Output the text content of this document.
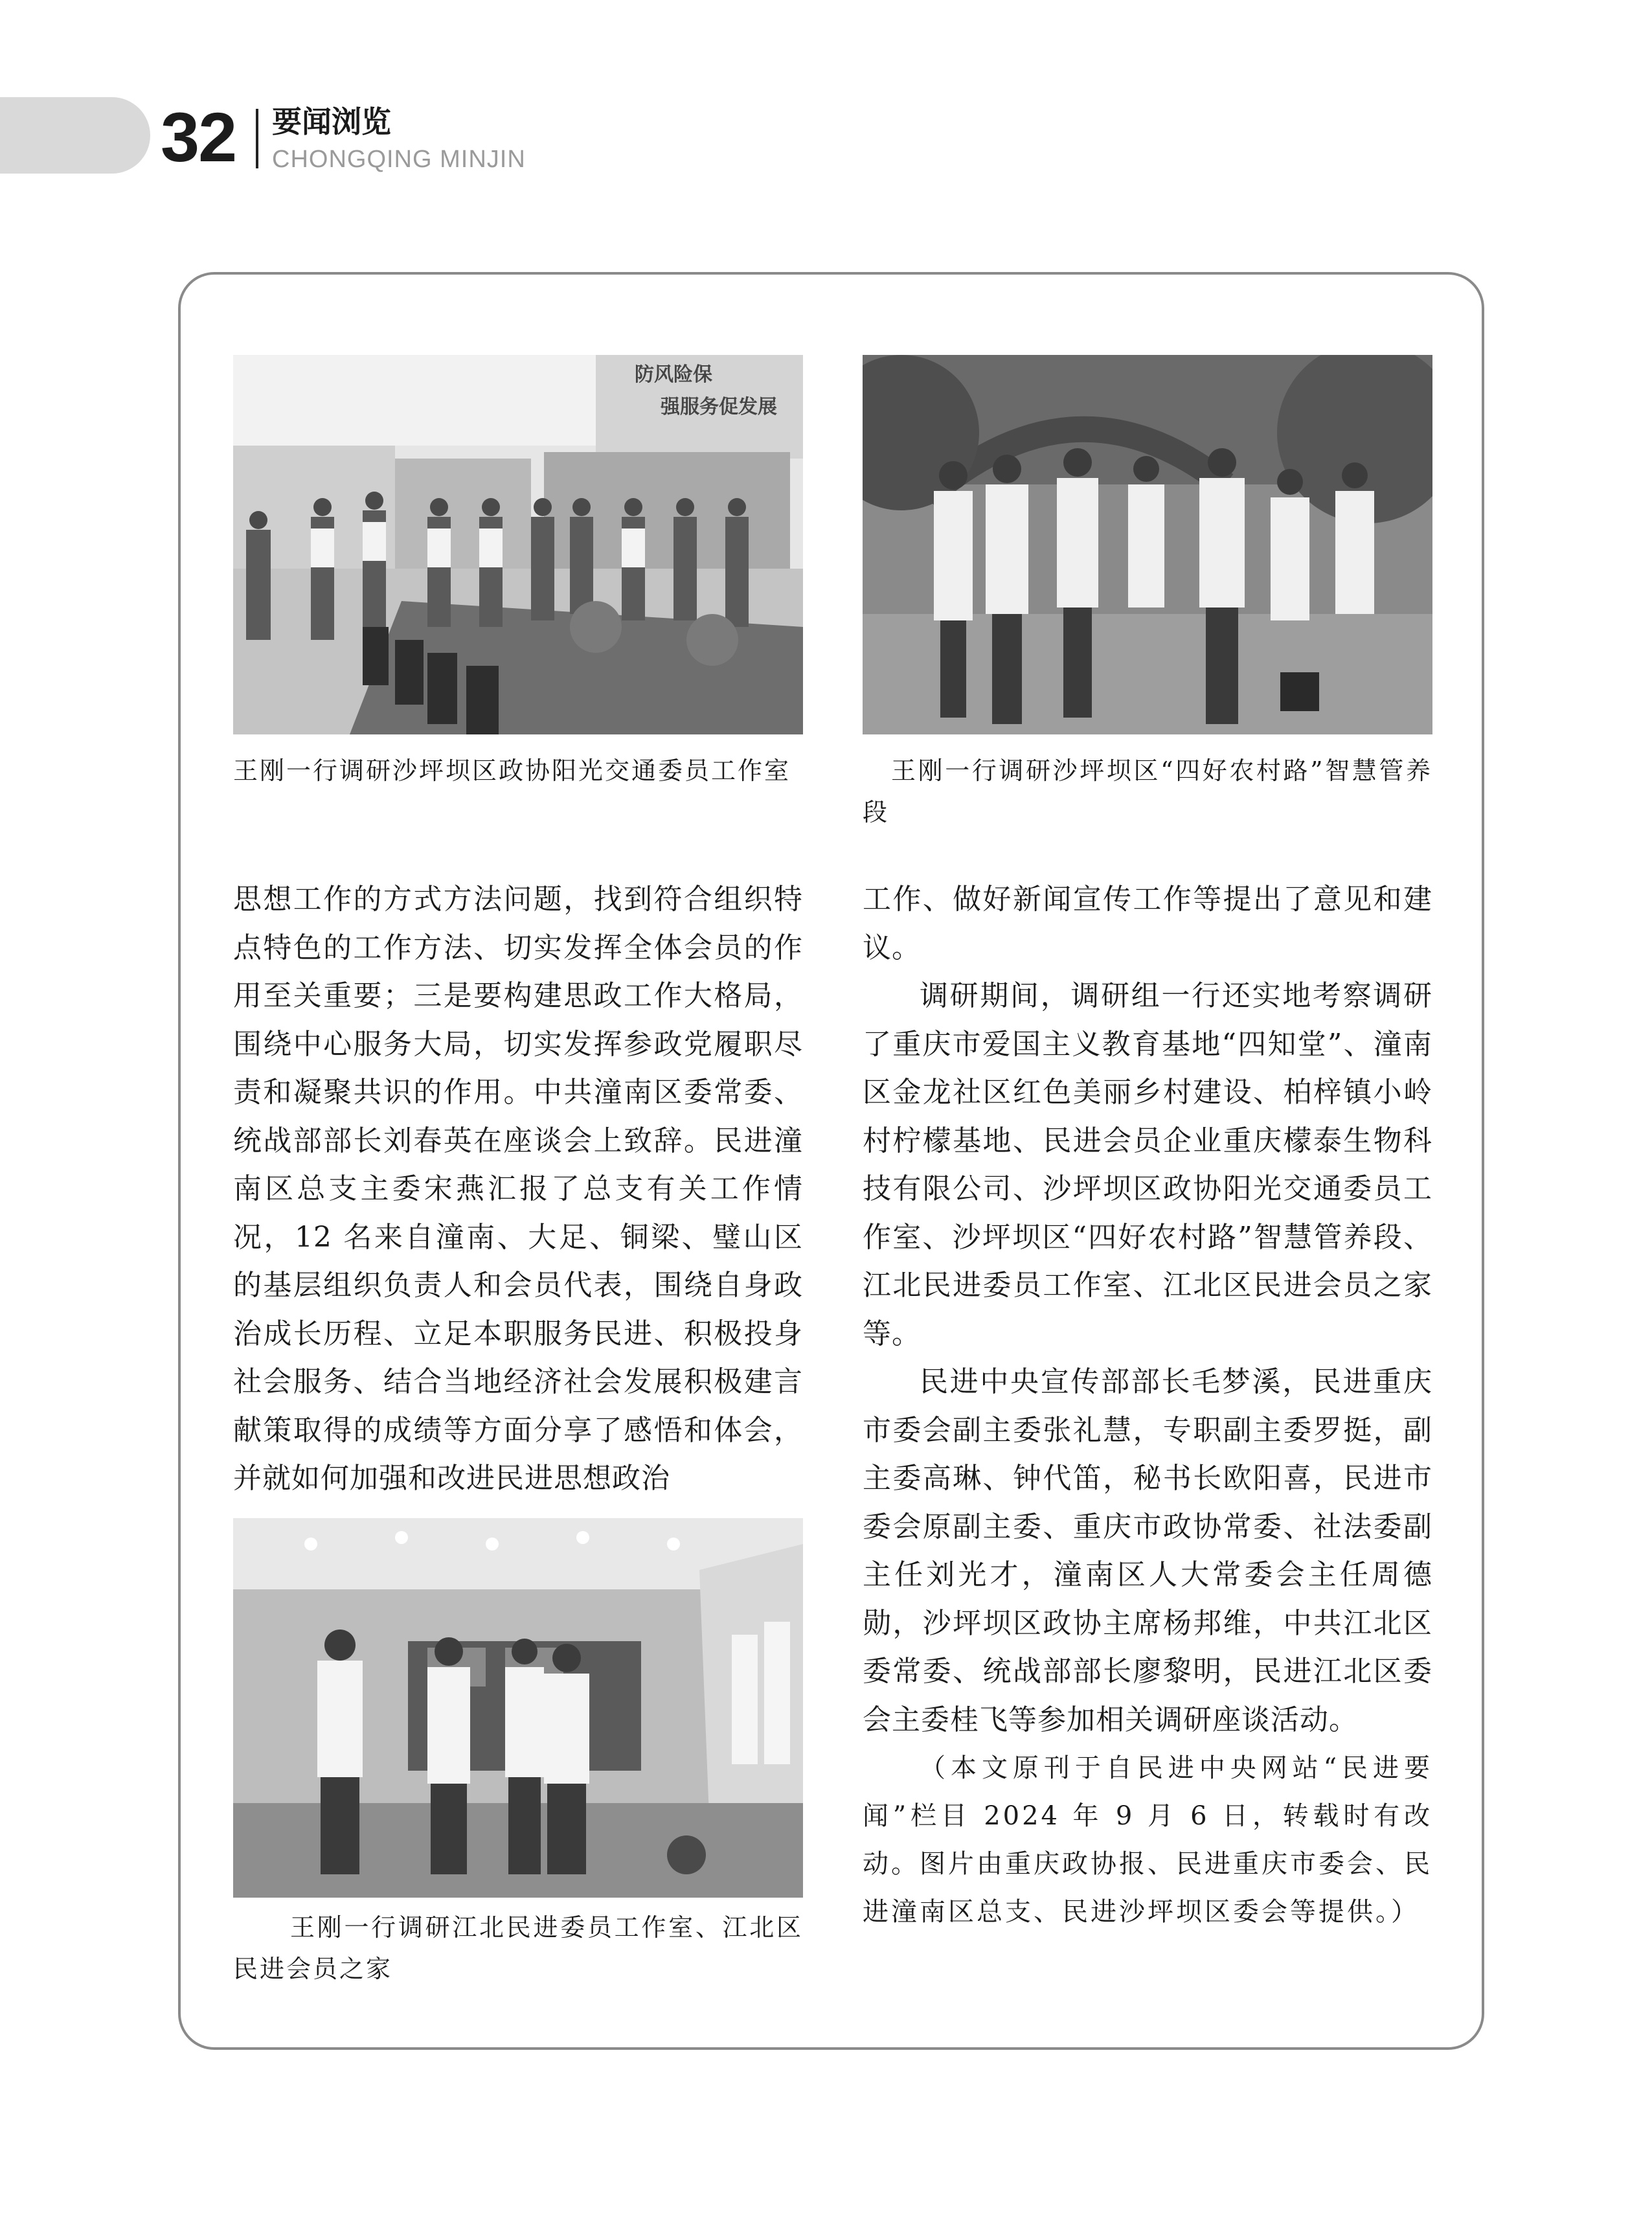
32 要闻浏览
CHONGQING MINJIN
防风险保
强服务促发展
王刚一行调研沙坪坝区政协阳光交通委员工作室	王刚一行调研沙坪坝区“四好农村路”智慧管养段

思想工作的方式方法问题，找到符合组织特点特色的工作方法、切实发挥全体会员的作用至关重要；三是要构建思政工作大格局，围绕中心服务大局，切实发挥参政党履职尽责和凝聚共识的作用。中共潼南区委常委、统战部部长刘春英在座谈会上致辞。民进潼南区总支主委宋燕汇报了总支有关工作情况，12 名来自潼南、大足、铜梁、璧山区的基层组织负责人和会员代表，围绕自身政治成长历程、立足本职服务民进、积极投身社会服务、结合当地经济社会发展积极建言献策取得的成绩等方面分享了感悟和体会，并就如何加强和改进民进思想政治

王刚一行调研江北民进委员工作室、江北区民进会员之家

工作、做好新闻宣传工作等提出了意见和建议。

调研期间，调研组一行还实地考察调研了重庆市爱国主义教育基地“四知堂”、潼南区金龙社区红色美丽乡村建设、柏梓镇小岭村柠檬基地、民进会员企业重庆檬泰生物科技有限公司、沙坪坝区政协阳光交通委员工作室、沙坪坝区“四好农村路”智慧管养段、江北民进委员工作室、江北区民进会员之家等。

民进中央宣传部部长毛梦溪，民进重庆市委会副主委张礼慧，专职副主委罗挺，副主委高琳、钟代笛，秘书长欧阳喜，民进市委会原副主委、重庆市政协常委、社法委副主任刘光才，潼南区人大常委会主任周德勋，沙坪坝区政协主席杨邦维，中共江北区委常委、统战部部长廖黎明，民进江北区委会主委桂飞等参加相关调研座谈活动。

（本文原刊于自民进中央网站“民进要闻”栏目 2024 年 9 月 6 日，转载时有改动。图片由重庆政协报、民进重庆市委会、民进潼南区总支、民进沙坪坝区委会等提供。）
